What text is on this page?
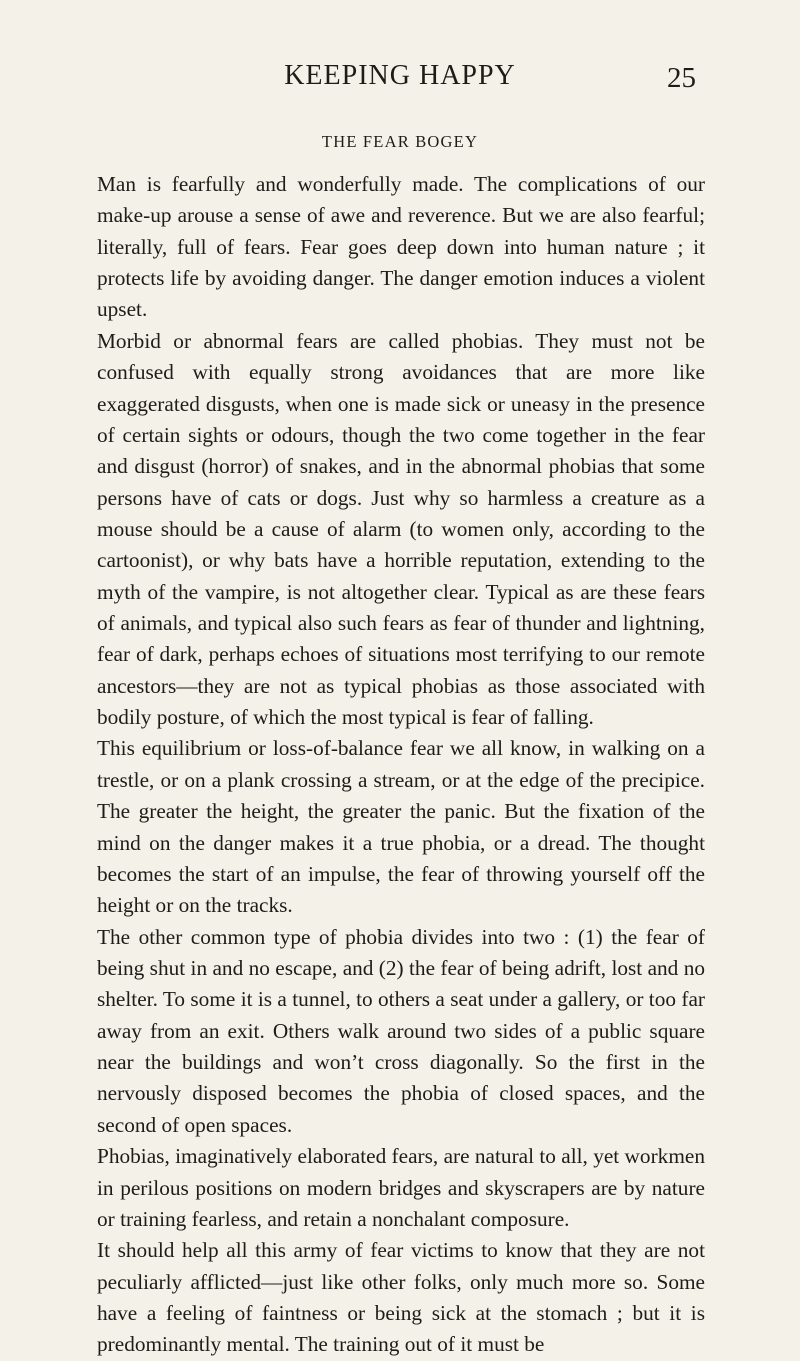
KEEPING HAPPY	25
THE FEAR BOGEY

Man is fearfully and wonderfully made. The complications of our make-up arouse a sense of awe and reverence. But we are also fearful; literally, full of fears. Fear goes deep down into human nature ; it protects life by avoiding danger. The danger emotion induces a violent upset.

Morbid or abnormal fears are called phobias. They must not be confused with equally strong avoidances that are more like exaggerated disgusts, when one is made sick or uneasy in the presence of certain sights or odours, though the two come together in the fear and disgust (horror) of snakes, and in the abnormal phobias that some persons have of cats or dogs. Just why so harmless a creature as a mouse should be a cause of alarm (to women only, according to the cartoonist), or why bats have a horrible reputation, extending to the myth of the vampire, is not altogether clear. Typical as are these fears of animals, and typical also such fears as fear of thunder and lightning, fear of dark, perhaps echoes of situations most terrifying to our remote ancestors—they are not as typical phobias as those associated with bodily posture, of which the most typical is fear of falling.

This equilibrium or loss-of-balance fear we all know, in walking on a trestle, or on a plank crossing a stream, or at the edge of the precipice. The greater the height, the greater the panic. But the fixation of the mind on the danger makes it a true phobia, or a dread. The thought becomes the start of an impulse, the fear of throwing yourself off the height or on the tracks.

The other common type of phobia divides into two : (1) the fear of being shut in and no escape, and (2) the fear of being adrift, lost and no shelter. To some it is a tunnel, to others a seat under a gallery, or too far away from an exit. Others walk around two sides of a public square near the buildings and won’t cross diagonally. So the first in the nervously disposed becomes the phobia of closed spaces, and the second of open spaces.

Phobias, imaginatively elaborated fears, are natural to all, yet workmen in perilous positions on modern bridges and skyscrapers are by nature or training fearless, and retain a nonchalant composure.

It should help all this army of fear victims to know that they are not peculiarly afflicted—just like other folks, only much more so. Some have a feeling of faintness or being sick at the stomach ; but it is predominantly mental. The training out of it must be
